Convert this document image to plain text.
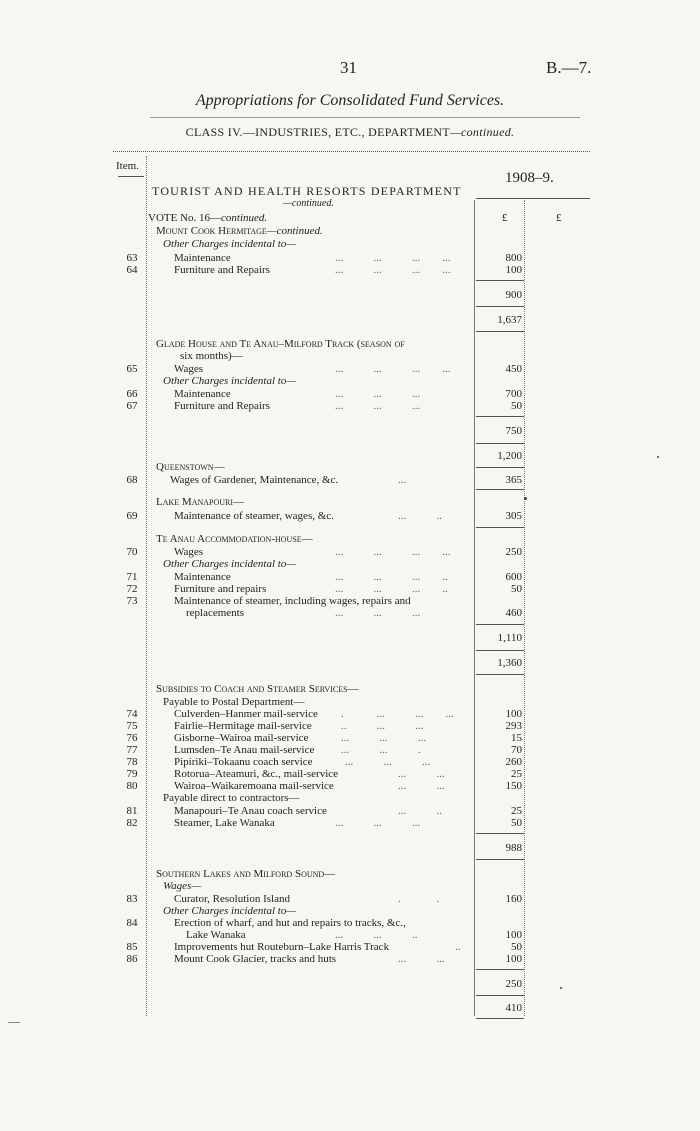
31	B.—7.
Appropriations for Consolidated Fund Services.
CLASS IV.—INDUSTRIES, ETC., DEPARTMENT—continued.
Item.
1908–9.
TOURIST AND HEALTH RESORTS DEPARTMENT
—continued.
£	£
VOTE No. 16—continued.
Mount Cook Hermitage—continued.
Other Charges incidental to—
63	Maintenance	...           ...           ...        ...	800
64	Furniture and Repairs	...           ...           ...        ...	100
900
1,637
Glade House and Te Anau–Milford Track (season of
six months)—
65	Wages	...           ...           ...        ...	450
Other Charges incidental to—
66	Maintenance	...           ...           ...	700
67	Furniture and Repairs	...           ...           ...	50
750
1,200
Queenstown—
68	Wages of Gardener, Maintenance, &c.	...	365
Lake Manapouri—
69	Maintenance of steamer, wages, &c.	...           ..	305
Te Anau Accommodation-house—
70	Wages	...           ...           ...        ...	250
Other Charges incidental to—
71	Maintenance	...           ...           ...        ..	600
72	Furniture and repairs	...           ...           ...        ..	50
73	Maintenance of steamer, including wages, repairs and
replacements	...           ...           ...	460
1,110
1,360
Subsidies to Coach and Steamer Services—
Payable to Postal Department—
74	Culverden–Hanmer mail-service .            ...           ...        ...	100
75	Fairlie–Hermitage mail-service	..           ...           ...	293
76	Gisborne–Wairoa mail-service	...           ...           ...	15
77	Lumsden–Te Anau mail-service ...           ...           .	70
78	Pipiriki–Tokaanu coach service	...           ...           ...	260
79	Rotorua–Ateamuri, &c., mail-service	...           ...	25
80	Wairoa–Waikaremoana mail-service	...           ...	150
Payable direct to contractors—
81	Manapouri–Te Anau coach service	...           ..	25
82	Steamer, Lake Wanaka	...           ...           ...	50
988
Southern Lakes and Milford Sound—
Wages—
83	Curator, Resolution Island	.             .	160
Other Charges incidental to—
84	Erection of wharf, and hut and repairs to tracks, &c.,
Lake Wanaka	...           ...           ..	100
85	Improvements hut Routeburn–Lake Harris Track	..	50
86	Mount Cook Glacier, tracks and huts	...           ...	100
250
410
